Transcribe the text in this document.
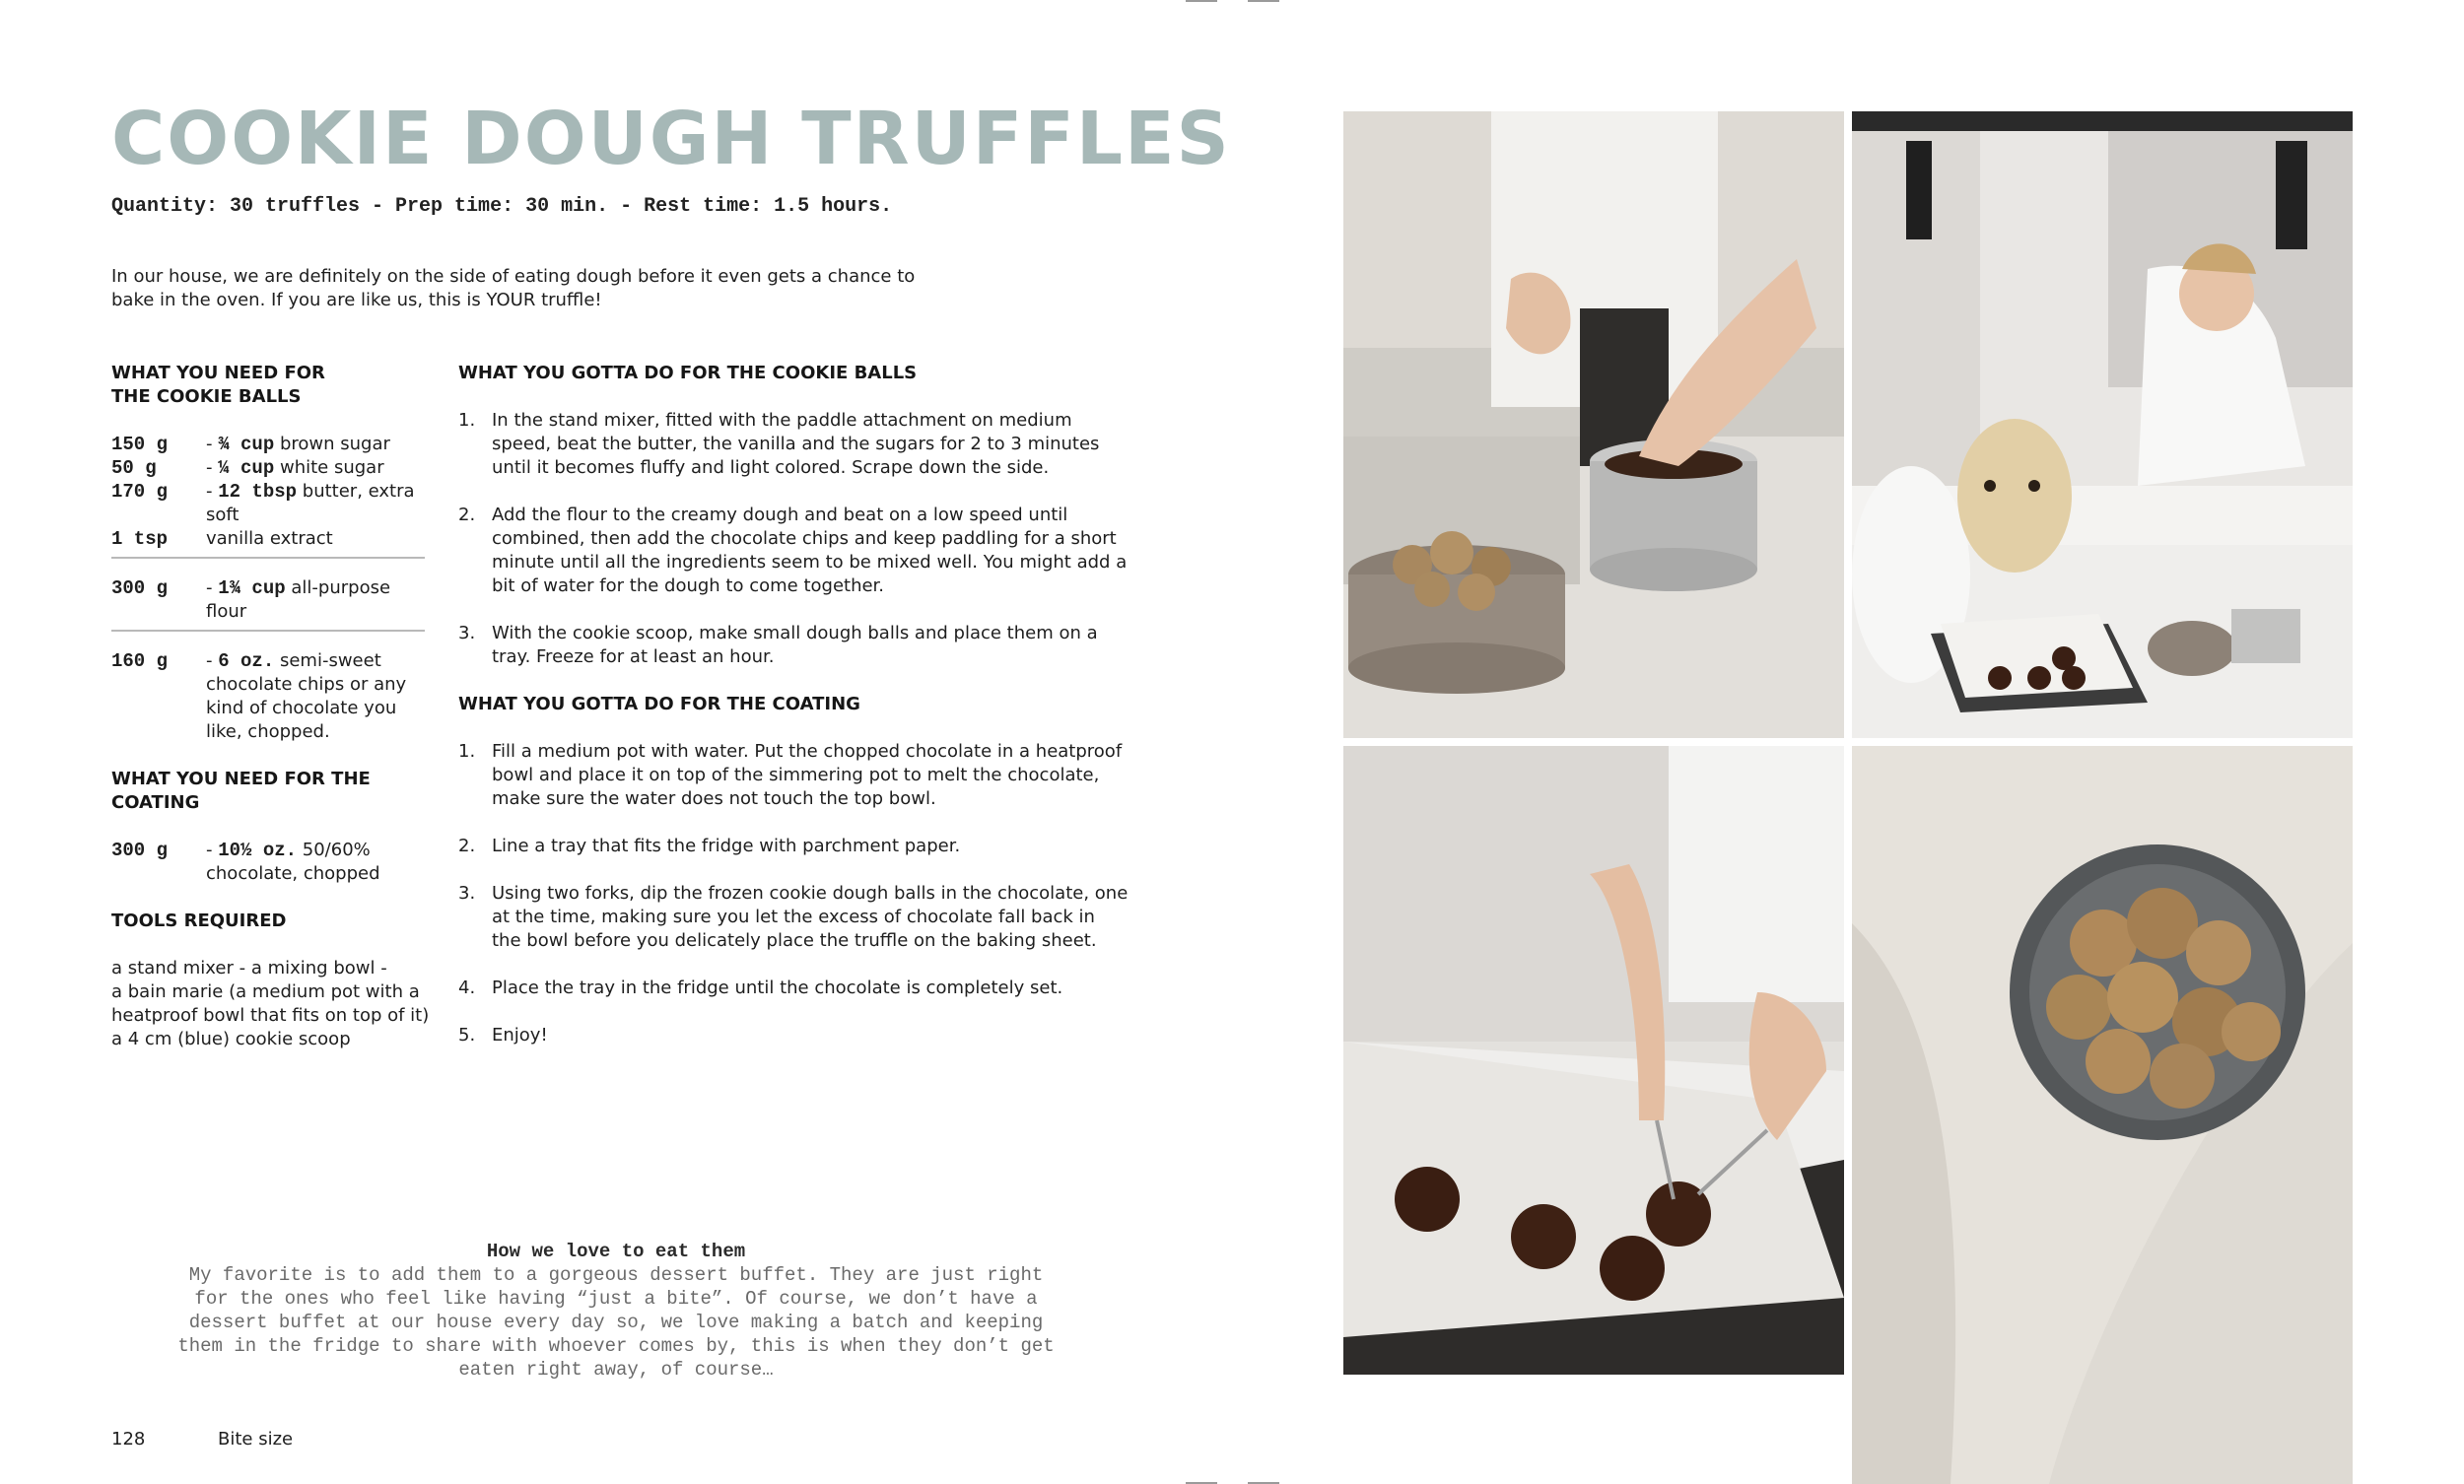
COOKIE DOUGH TRUFFLES
Quantity: 30 truffles - Prep time: 30 min. - Rest time: 1.5 hours.

In our house, we are definitely on the side of eating dough before it even gets a chance to bake in the oven. If you are like us, this is YOUR truffle!

WHAT YOU NEED FOR
THE COOKIE BALLS
150 g	- ¾ cup brown sugar
50 g	- ¼ cup white sugar
170 g	- 12 tbsp butter, extra soft
1 tsp	vanilla extract
300 g	- 1¾ cup all-purpose flour
160 g	- 6 oz. semi-sweet chocolate chips or any kind of chocolate you like, chopped.
WHAT YOU NEED FOR THE COATING
300 g	- 10½ oz. 50/60% chocolate, chopped
TOOLS REQUIRED
a stand mixer - a mixing bowl -
a bain marie (a medium pot with a
heatproof bowl that fits on top of it)
a 4 cm (blue) cookie scoop
WHAT YOU GOTTA DO FOR THE COOKIE BALLS
1. In the stand mixer, fitted with the paddle attachment on medium speed, beat the butter, the vanilla and the sugars for 2 to 3 minutes until it becomes fluffy and light colored. Scrape down the side.
2. Add the flour to the creamy dough and beat on a low speed until combined, then add the chocolate chips and keep paddling for a short minute until all the ingredients seem to be mixed well. You might add a bit of water for the dough to come together.
3. With the cookie scoop, make small dough balls and place them on a tray. Freeze for at least an hour.
WHAT YOU GOTTA DO FOR THE COATING
1. Fill a medium pot with water. Put the chopped chocolate in a heatproof bowl and place it on top of the simmering pot to melt the chocolate, make sure the water does not touch the top bowl.
2. Line a tray that fits the fridge with parchment paper.
3. Using two forks, dip the frozen cookie dough balls in the chocolate, one at the time, making sure you let the excess of chocolate fall back in the bowl before you delicately place the truffle on the baking sheet.
4. Place the tray in the fridge until the chocolate is completely set.
5. Enjoy!
How we love to eat them
My favorite is to add them to a gorgeous dessert buffet. They are just right for the ones who feel like having “just a bite”. Of course, we don’t have a dessert buffet at our house every day so, we love making a batch and keeping them in the fridge to share with whoever comes by, this is when they don’t get eaten right away, of course…
128	Bite size
